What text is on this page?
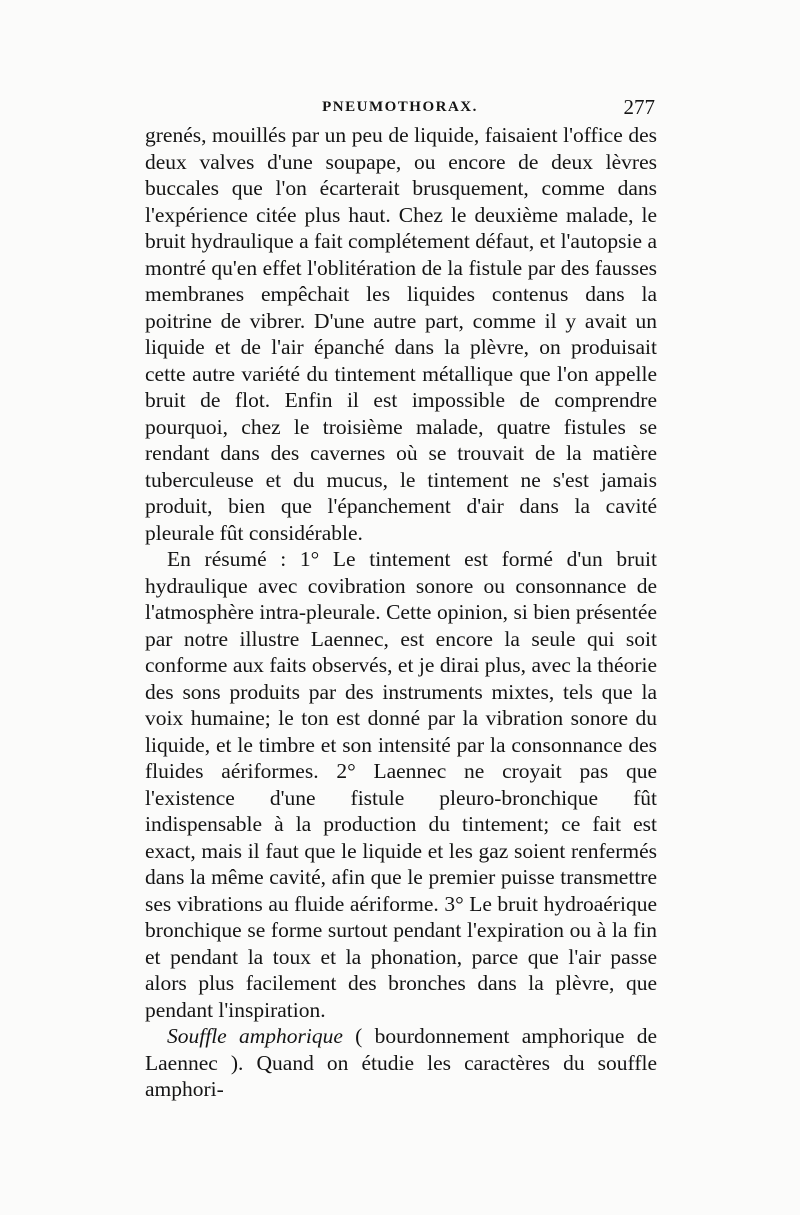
PNEUMOTHORAX.	277

grenés, mouillés par un peu de liquide, faisaient l'office des deux valves d'une soupape, ou encore de deux lèvres buccales que l'on écarterait brusquement, comme dans l'expérience citée plus haut. Chez le deuxième malade, le bruit hydraulique a fait complétement défaut, et l'autopsie a montré qu'en effet l'oblitération de la fistule par des fausses membranes empêchait les liquides contenus dans la poitrine de vibrer. D'une autre part, comme il y avait un liquide et de l'air épanché dans la plèvre, on produisait cette autre variété du tintement métallique que l'on appelle bruit de flot. Enfin il est impossible de comprendre pourquoi, chez le troisième malade, quatre fistules se rendant dans des cavernes où se trouvait de la matière tuberculeuse et du mucus, le tintement ne s'est jamais produit, bien que l'épanchement d'air dans la cavité pleurale fût considérable.

En résumé : 1° Le tintement est formé d'un bruit hydraulique avec covibration sonore ou consonnance de l'atmosphère intra-pleurale. Cette opinion, si bien présentée par notre illustre Laennec, est encore la seule qui soit conforme aux faits observés, et je dirai plus, avec la théorie des sons produits par des instruments mixtes, tels que la voix humaine; le ton est donné par la vibration sonore du liquide, et le timbre et son intensité par la consonnance des fluides aériformes. 2° Laennec ne croyait pas que l'existence d'une fistule pleuro-bronchique fût indispensable à la production du tintement; ce fait est exact, mais il faut que le liquide et les gaz soient renfermés dans la même cavité, afin que le premier puisse transmettre ses vibrations au fluide aériforme. 3° Le bruit hydroaérique bronchique se forme surtout pendant l'expiration ou à la fin et pendant la toux et la phonation, parce que l'air passe alors plus facilement des bronches dans la plèvre, que pendant l'inspiration.

Souffle amphorique ( bourdonnement amphorique de Laennec ). Quand on étudie les caractères du souffle amphori-
